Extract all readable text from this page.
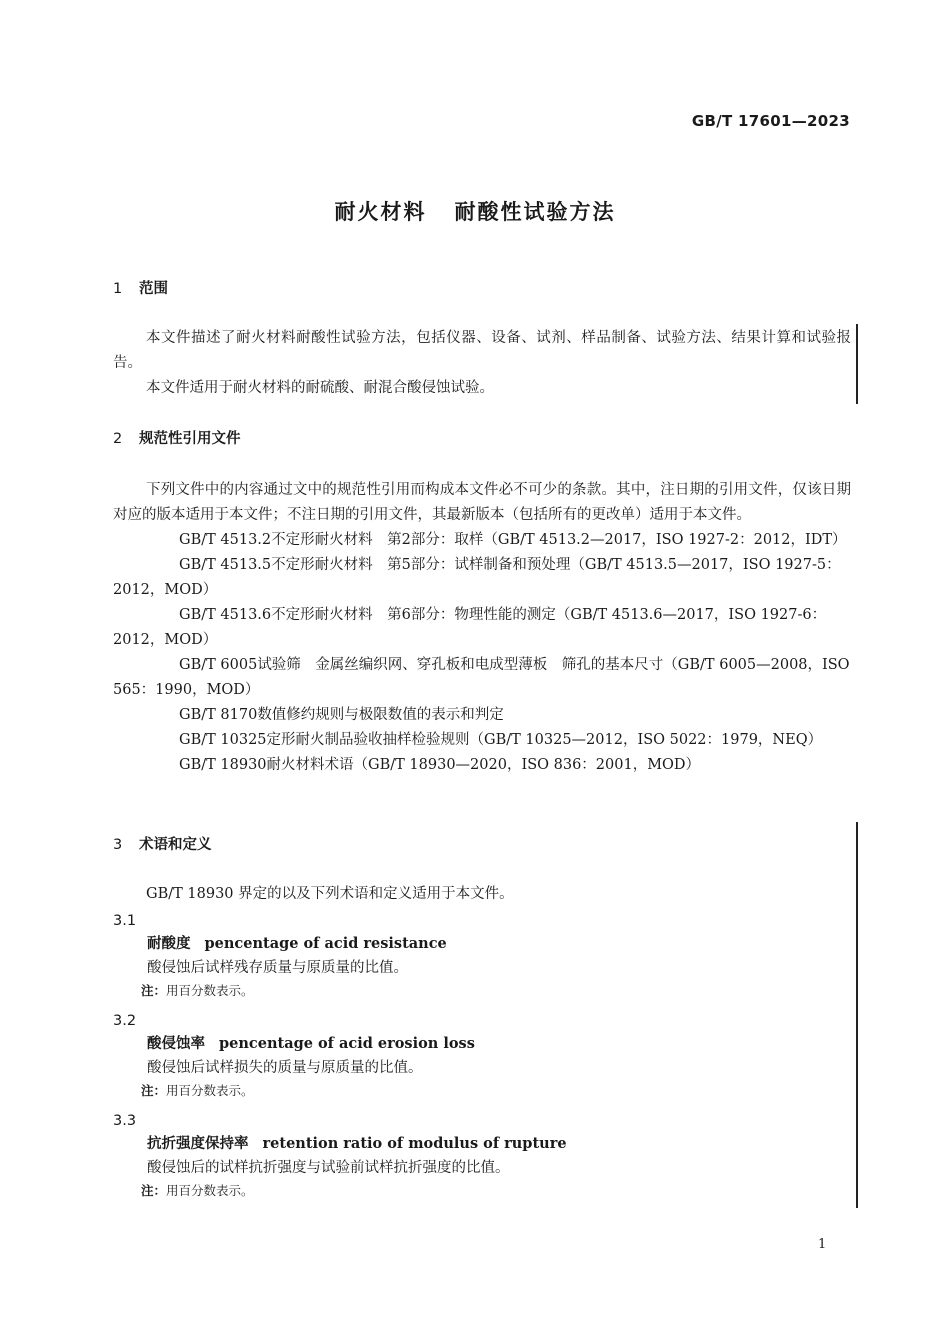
GB/T 17601—2023
耐火材料 耐酸性试验方法
1 范围

本文件描述了耐火材料耐酸性试验方法，包括仪器、设备、试剂、样品制备、试验方法、结果计算和试验报告。

本文件适用于耐火材料的耐硫酸、耐混合酸侵蚀试验。

2 规范性引用文件

下列文件中的内容通过文中的规范性引用而构成本文件必不可少的条款。其中，注日期的引用文件，仅该日期对应的版本适用于本文件；不注日期的引用文件，其最新版本（包括所有的更改单）适用于本文件。

GB/T 4513.2不定形耐火材料　第2部分：取样（GB/T 4513.2—2017，ISO 1927-2：2012，IDT）

GB/T 4513.5不定形耐火材料　第5部分：试样制备和预处理（GB/T 4513.5—2017，ISO 1927-5：2012，MOD）

GB/T 4513.6不定形耐火材料　第6部分：物理性能的测定（GB/T 4513.6—2017，ISO 1927-6：2012，MOD）

GB/T 6005试验筛　金属丝编织网、穿孔板和电成型薄板　筛孔的基本尺寸（GB/T 6005—2008，ISO 565：1990，MOD）

GB/T 8170数值修约规则与极限数值的表示和判定

GB/T 10325定形耐火制品验收抽样检验规则（GB/T 10325—2012，ISO 5022：1979，NEQ）

GB/T 18930耐火材料术语（GB/T 18930—2020，ISO 836：2001，MOD）

3 术语和定义

GB/T 18930 界定的以及下列术语和定义适用于本文件。

3.1
耐酸度 pencentage of acid resistance
酸侵蚀后试样残存质量与原质量的比值。
注：用百分数表示。
3.2
酸侵蚀率 pencentage of acid erosion loss
酸侵蚀后试样损失的质量与原质量的比值。
注：用百分数表示。
3.3
抗折强度保持率 retention ratio of modulus of rupture
酸侵蚀后的试样抗折强度与试验前试样抗折强度的比值。
注：用百分数表示。
1
